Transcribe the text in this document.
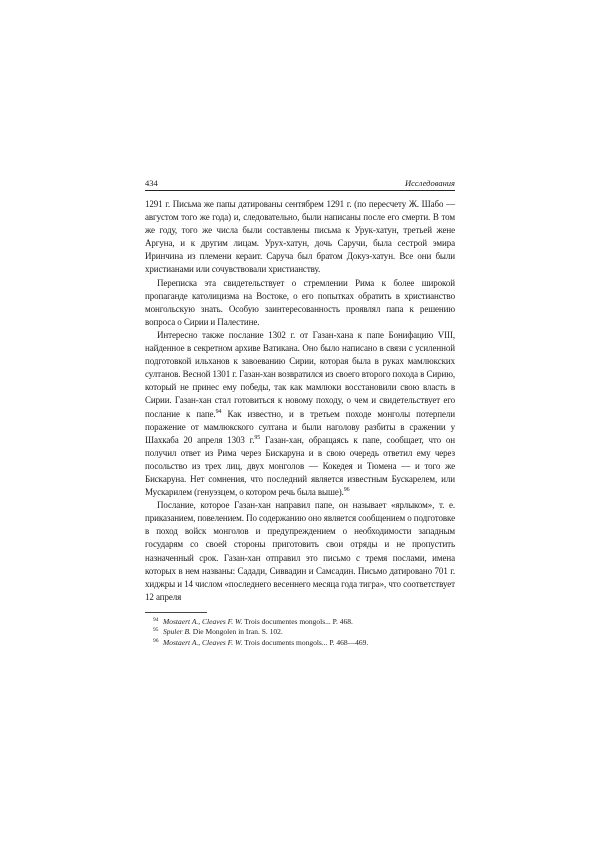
434	Исследования

1291 г. Письма же папы датированы сентябрем 1291 г. (по пересчету Ж. Шабо — августом того же года) и, следовательно, были написаны после его смерти. В том же году, того же числа были составлены письма к Урук-хатун, третьей жене Аргуна, и к другим лицам. Урух-хатун, дочь Саручи, была сестрой эмира Иринчина из племени кераит. Саруча был братом Докуз-хатун. Все они были христианами или сочувствовали христианству.

Переписка эта свидетельствует о стремлении Рима к более широкой пропаганде католицизма на Востоке, о его попытках обратить в христианство монгольскую знать. Особую заинтересованность проявлял папа к решению вопроса о Сирии и Палестине.

Интересно также послание 1302 г. от Газан-хана к папе Бонифацию VIII, найденное в секретном архиве Ватикана. Оно было написано в связи с усиленной подготовкой ильханов к завоеванию Сирии, которая была в руках мамлюкских султанов. Весной 1301 г. Газан-хан возвратился из своего второго похода в Сирию, который не принес ему победы, так как мамлюки восстановили свою власть в Сирии. Газан-хан стал готовиться к новому походу, о чем и свидетельствует его послание к папе.$^{94}$ Как известно, и в третьем походе монголы потерпели поражение от мамлюкского султана и были наголову разбиты в сражении у Шахкаба 20 апреля 1303 г.$^{95}$ Газан-хан, обращаясь к папе, сообщает, что он получил ответ из Рима через Бискаруна и в свою очередь ответил ему через посольство из трех лиц, двух монголов — Кокедея и Тюмена — и того же Бискаруна. Нет сомнения, что последний является известным Бускарелем, или Мускарилем (генуэзцем, о котором речь была выше).$^{96}$

Послание, которое Газан-хан направил папе, он называет «ярлыком», т. е. приказанием, повелением. По содержанию оно является сообщением о подготовке в поход войск монголов и предупреждением о необходимости западным государям со своей стороны приготовить свои отряды и не пропустить назначенный срок. Газан-хан отправил это письмо с тремя послами, имена которых в нем названы: Садади, Сиввадин и Самсадин. Письмо датировано 701 г. хиджры и 14 числом «последнего весеннего месяца года тигра», что соответствует 12 апреля

94 Mostaert A., Cleaves F. W. Trois documentes mongols... P. 468.
95 Spuler B. Die Mongolen in Iran. S. 102.
96 Mostaert A., Cleaves F. W. Trois documents mongols... P. 468—469.
